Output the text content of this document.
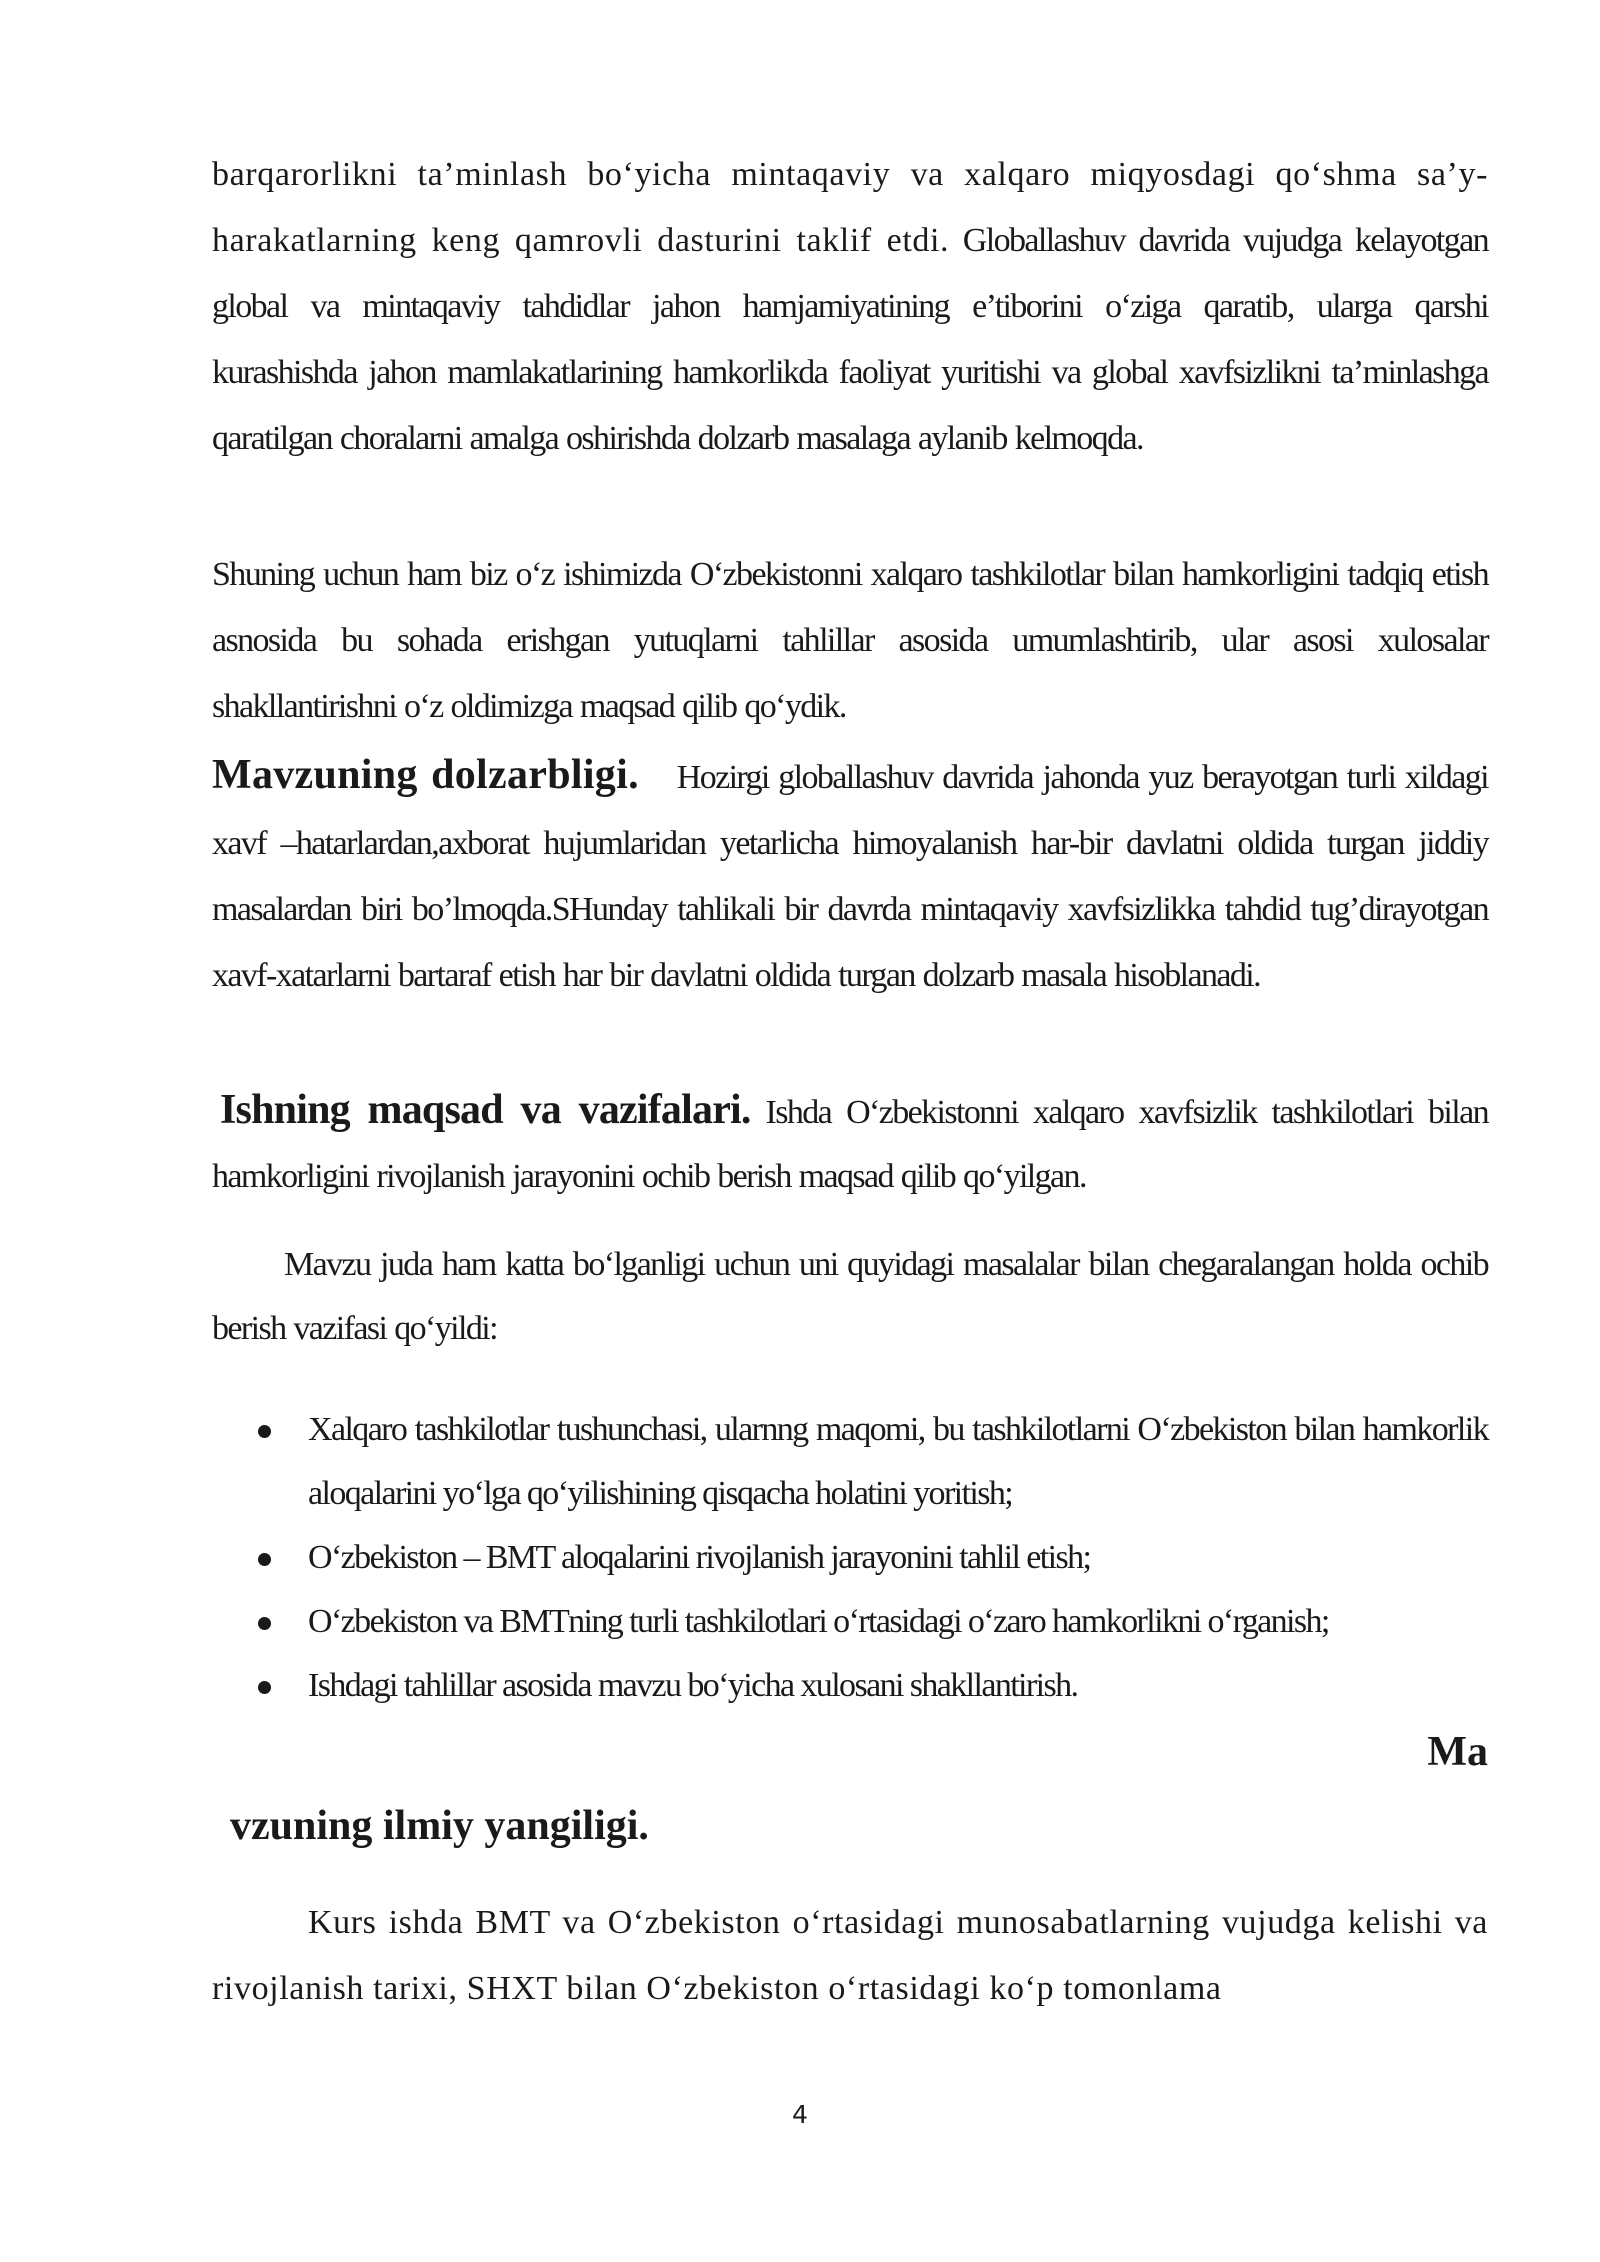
barqarorlikni ta’minlash bo‘yicha mintaqaviy va xalqaro miqyosdagi qo‘shma sa’y-harakatlarning keng qamrovli dasturini taklif etdi. Globallashuv davrida vujudga kelayotgan global va mintaqaviy tahdidlar jahon hamjamiyatining e’tiborini o‘ziga qaratib, ularga qarshi kurashishda jahon mamlakatlarining hamkorlikda faoliyat yuritishi va global xavfsizlikni ta’minlashga qaratilgan choralarni amalga oshirishda dolzarb masalaga aylanib kelmoqda.

Shuning uchun ham biz o‘z ishimizda O‘zbekistonni xalqaro tashkilotlar bilan hamkorligini tadqiq etish asnosida bu sohada erishgan yutuqlarni tahlillar asosida umumlashtirib, ular asosi xulosalar shakllantirishni o‘z oldimizga maqsad qilib qo‘ydik.

Mavzuning dolzarbligi. Hozirgi globallashuv davrida jahonda yuz berayotgan turli xildagi xavf –hatarlardan,axborat hujumlaridan yetarlicha himoyalanish har-bir davlatni oldida turgan jiddiy masalardan biri bo’lmoqda.SHunday tahlikali bir davrda mintaqaviy xavfsizlikka tahdid tug’dirayotgan xavf-xatarlarni bartaraf etish har bir davlatni oldida turgan dolzarb masala hisoblanadi.

Ishning maqsad va vazifalari. Ishda O‘zbekistonni xalqaro xavfsizlik tashkilotlari bilan hamkorligini rivojlanish jarayonini ochib berish maqsad qilib qo‘yilgan.

Mavzu juda ham katta bo‘lganligi uchun uni quyidagi masalalar bilan chegaralangan holda ochib berish vazifasi qo‘yildi:

Xalqaro tashkilotlar tushunchasi, ularnng maqomi, bu tashkilotlarni O‘zbekiston bilan hamkorlik aloqalarini yo‘lga qo‘yilishining qisqacha holatini yoritish;
O‘zbekiston – BMT aloqalarini rivojlanish jarayonini tahlil etish;
O‘zbekiston va BMTning turli tashkilotlari o‘rtasidagi o‘zaro hamkorlikni o‘rganish;
Ishdagi tahlillar asosida mavzu bo‘yicha xulosani shakllantirish.
Ma
vzuning ilmiy yangiligi.

Kurs ishda BMT va O‘zbekiston o‘rtasidagi munosabatlarning vujudga kelishi va rivojlanish tarixi, SHXT bilan O‘zbekiston o‘rtasidagi ko‘p tomonlama

4
